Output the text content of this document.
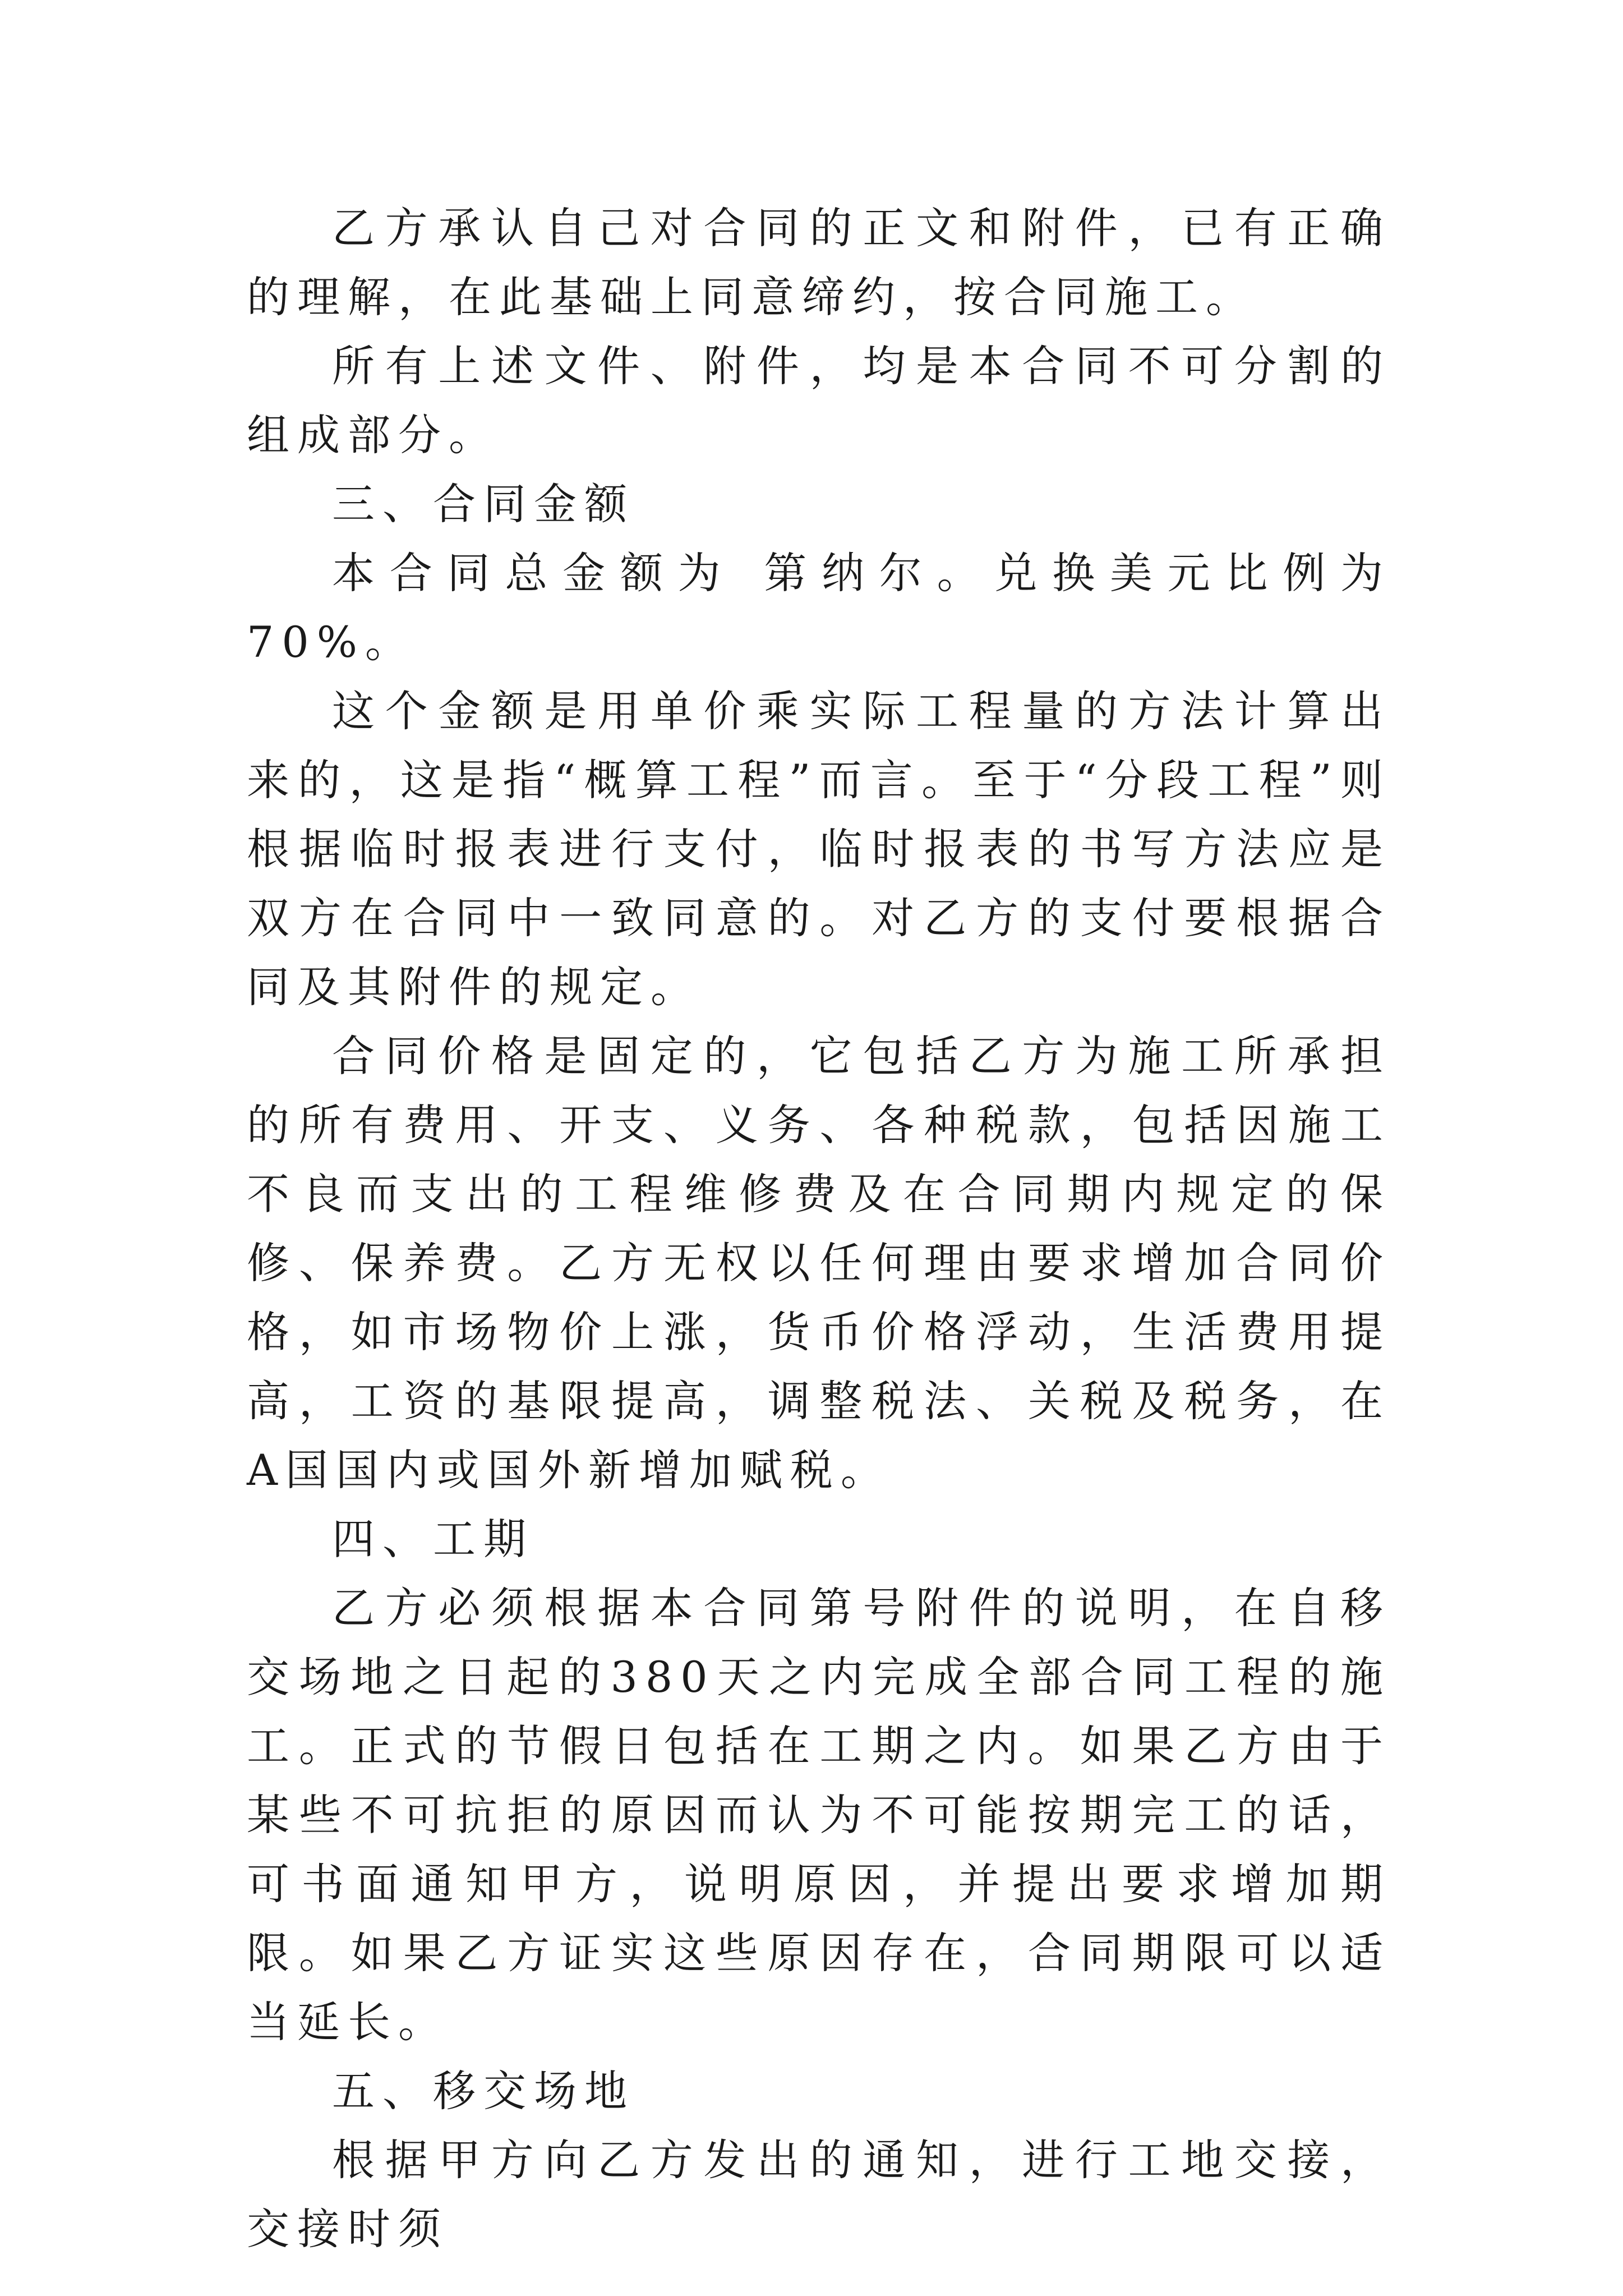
乙方承认自己对合同的正文和附件，已有正确的理解，在此基础上同意缔约，按合同施工。

所有上述文件、附件，均是本合同不可分割的组成部分。

三、合同金额

本合同总金额为 第纳尔。兑换美元比例为70%。

这个金额是用单价乘实际工程量的方法计算出来的，这是指“概算工程”而言。至于“分段工程”则根据临时报表进行支付，临时报表的书写方法应是双方在合同中一致同意的。对乙方的支付要根据合同及其附件的规定。

合同价格是固定的，它包括乙方为施工所承担的所有费用、开支、义务、各种税款，包括因施工不良而支出的工程维修费及在合同期内规定的保修、保养费。乙方无权以任何理由要求增加合同价格，如市场物价上涨，货币价格浮动，生活费用提高，工资的基限提高，调整税法、关税及税务，在A国国内或国外新增加赋税。

四、工期

乙方必须根据本合同第号附件的说明，在自移交场地之日起的380天之内完成全部合同工程的施工。正式的节假日包括在工期之内。如果乙方由于某些不可抗拒的原因而认为不可能按期完工的话，可书面通知甲方，说明原因，并提出要求增加期限。如果乙方证实这些原因存在，合同期限可以适当延长。

五、移交场地

根据甲方向乙方发出的通知，进行工地交接，交接时须
